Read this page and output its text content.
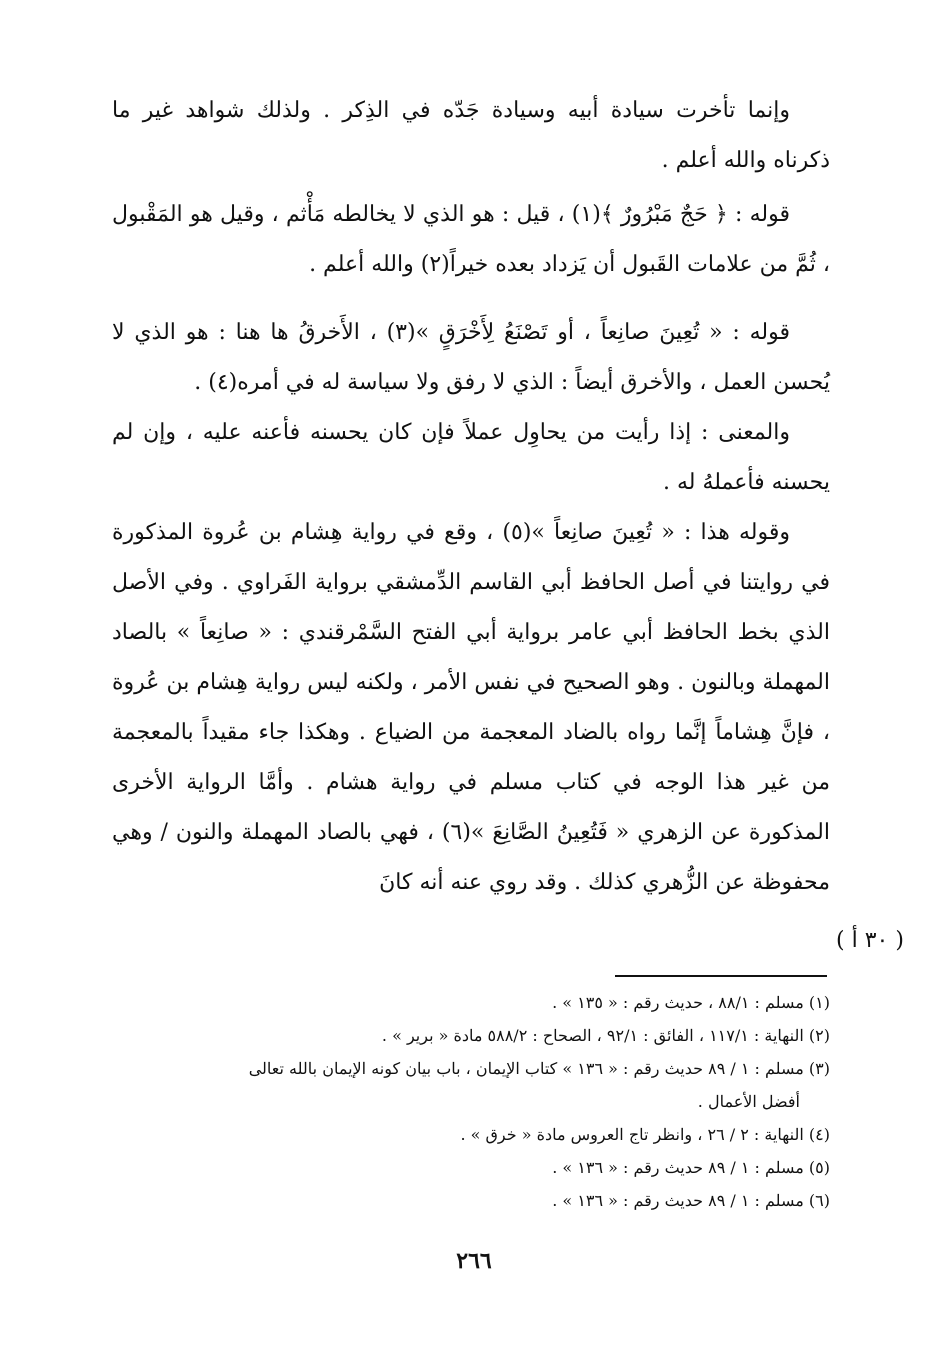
وإنما تأخرت سيادة أبيه وسيادة جَدّه في الذِكر . ولذلك شواهد غير ما ذكرناه والله أعلم .

قوله : ﴿ حَجٌ مَبْرُورٌ ﴾(١) ، قيل : هو الذي لا يخالطه مَأْثم ، وقيل هو المَقْبول ، ثُمَّ من علامات القَبول أن يَزداد بعده خيراً(٢) والله أعلم .

قوله : « تُعِينَ صانِعاً ، أو تَصْنَعُ لِأَخْرَقٍ »(٣) ، الأَخرقُ ها هنا : هو الذي لا يُحسن العمل ، والأخرق أيضاً : الذي لا رفق ولا سياسة له في أمره(٤) .

والمعنى : إذا رأيت من يحاوِل عملاً فإن كان يحسنه فأعنه عليه ، وإن لم يحسنه فأعملهُ له .

وقوله هذا : « تُعِينَ صانِعاً »(٥) ، وقع في رواية هِشام بن عُروة المذكورة في روايتنا في أصل الحافظ أبي القاسم الدِّمشقي برواية الفَراوي . وفي الأصل الذي بخط الحافظ أبي عامر برواية أبي الفتح السَّمْرقندي : « صانِعاً » بالصاد المهملة وبالنون . وهو الصحيح في نفس الأمر ، ولكنه ليس رواية هِشام بن عُروة ، فإنَّ هِشاماً إنَّما رواه بالضاد المعجمة من الضياع . وهكذا جاء مقيداً بالمعجمة من غير هذا الوجه في كتاب مسلم في رواية هشام . وأمَّا الرواية الأخرى المذكورة عن الزهري « فَتُعِينُ الصَّانِعَ »(٦) ، فهي بالصاد المهملة والنون / وهي محفوظة عن الزُّهري كذلك . وقد روي عنه أنه كانَ

( ٣٠ أ )

(١) مسلم : ٨٨/١ ، حديث رقم : « ١٣٥ » .

(٢) النهاية : ١١٧/١ ، الفائق : ٩٢/١ ، الصحاح : ٥٨٨/٢ مادة « برير » .

(٣) مسلم : ١ / ٨٩ حديث رقم : « ١٣٦ » كتاب الإيمان ، باب بيان كونه الإيمان بالله تعالى

أفضل الأعمال .

(٤) النهاية : ٢ / ٢٦ ، وانظر تاج العروس مادة « خرق » .

(٥) مسلم : ١ / ٨٩ حديث رقم : « ١٣٦ » .

(٦) مسلم : ١ / ٨٩ حديث رقم : « ١٣٦ » .

٢٦٦
